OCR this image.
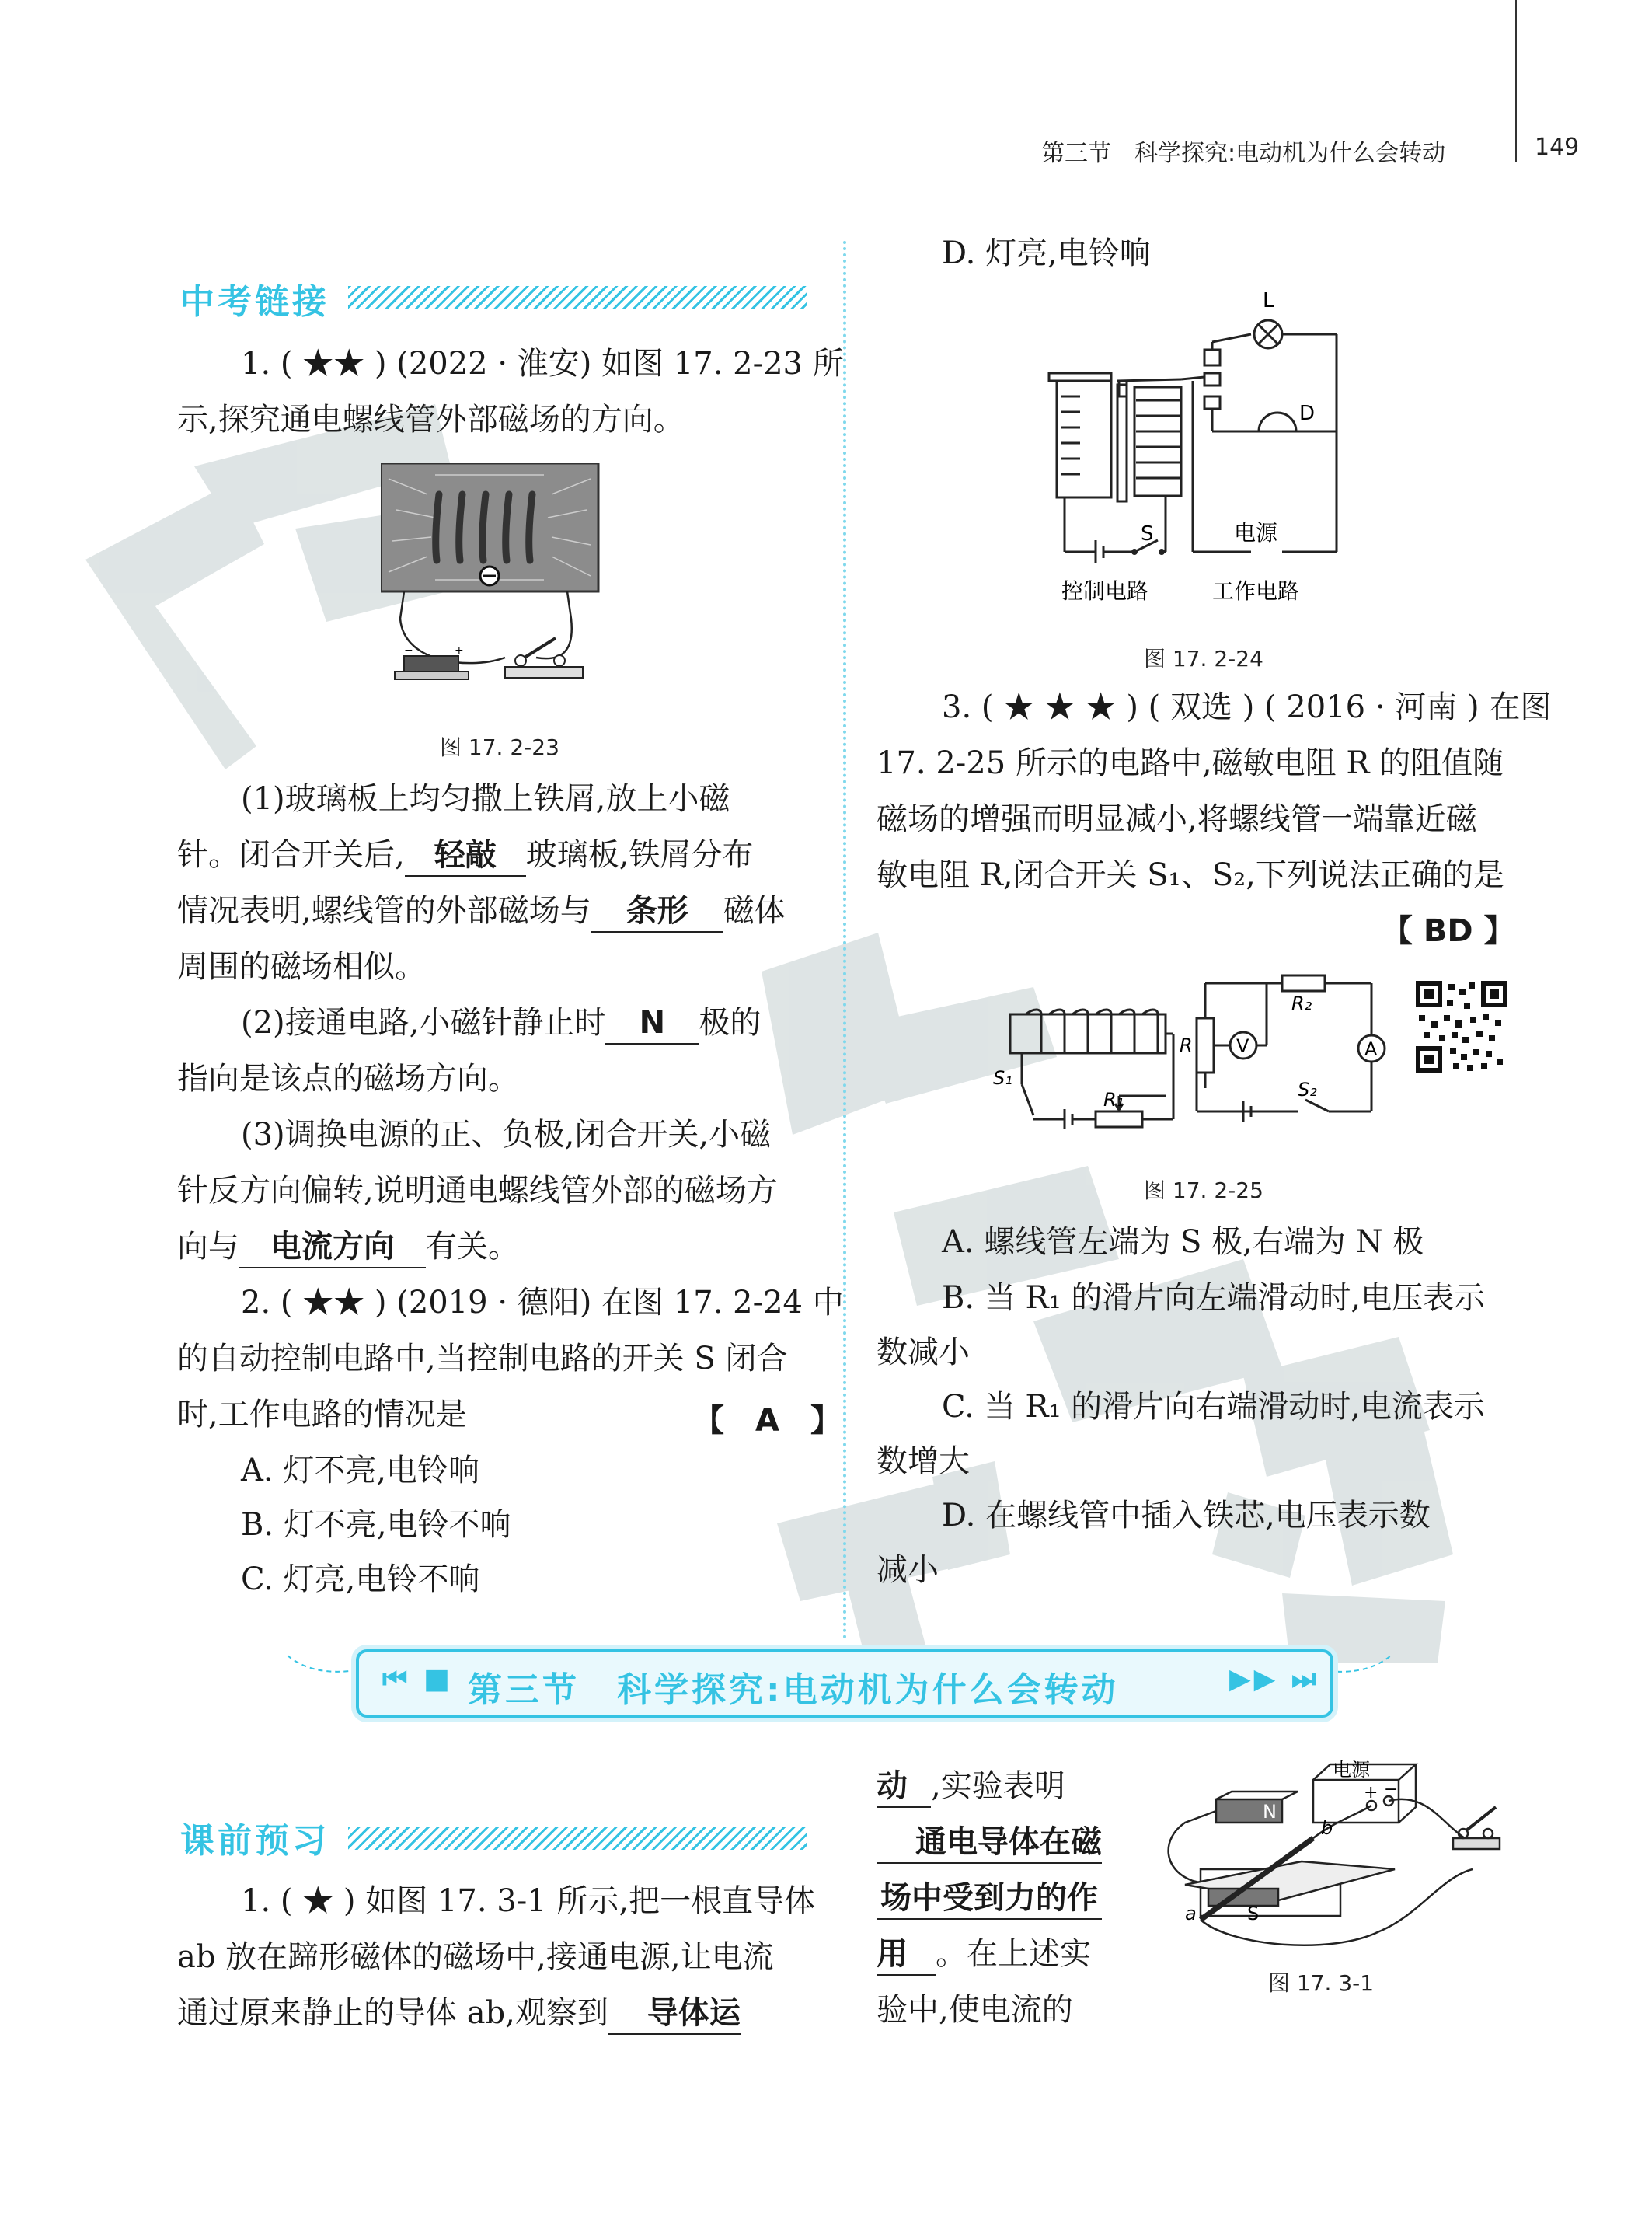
第三节　科学探究:电动机为什么会转动	149
中考链接
1. ( ★★ ) (2022 · 淮安) 如图 17. 2-23 所
示,探究通电螺线管外部磁场的方向。
−	+
图 17. 2-23
(1)玻璃板上均匀撒上铁屑,放上小磁
针。闭合开关后, 轻敲 玻璃板,铁屑分布
情况表明,螺线管的外部磁场与 条形 磁体
周围的磁场相似。
(2)接通电路,小磁针静止时 N 极的
指向是该点的磁场方向。
(3)调换电源的正、负极,闭合开关,小磁
针反方向偏转,说明通电螺线管外部的磁场方
向与 电流方向 有关。
2. ( ★★ ) (2019 · 德阳) 在图 17. 2-24 中
的自动控制电路中,当控制电路的开关 S 闭合
时,工作电路的情况是	【　A　】
A. 灯不亮,电铃响
B. 灯不亮,电铃不响
C. 灯亮,电铃不响
D. 灯亮,电铃响
L
D
S	电源
控制电路	工作电路
图 17. 2-24
3. ( ★ ★ ★ ) ( 双选 ) ( 2016 · 河南 ) 在图
17. 2-25 所示的电路中,磁敏电阻 R 的阻值随
磁场的增强而明显减小,将螺线管一端靠近磁
敏电阻 R,闭合开关 S₁、S₂,下列说法正确的是
【 BD 】
S₁
R₁
R V
R₂
A
S₂
图 17. 2-25
A. 螺线管左端为 S 极,右端为 N 极
B. 当 R₁ 的滑片向左端滑动时,电压表示
数减小
C. 当 R₁ 的滑片向右端滑动时,电流表示
数增大
D. 在螺线管中插入铁芯,电压表示数
减小
⏮ ■ 第三节　科学探究:电动机为什么会转动	▶▶ ⏭
课前预习
1. ( ★ ) 如图 17. 3-1 所示,把一根直导体
ab 放在蹄形磁体的磁场中,接通电源,让电流
通过原来静止的导体 ab,观察到 导体运
动 ,实验表明
通电导体在磁
场中受到力的作
用 。在上述实
验中,使电流的
电源
+ −
N
S
a
b
图 17. 3-1
